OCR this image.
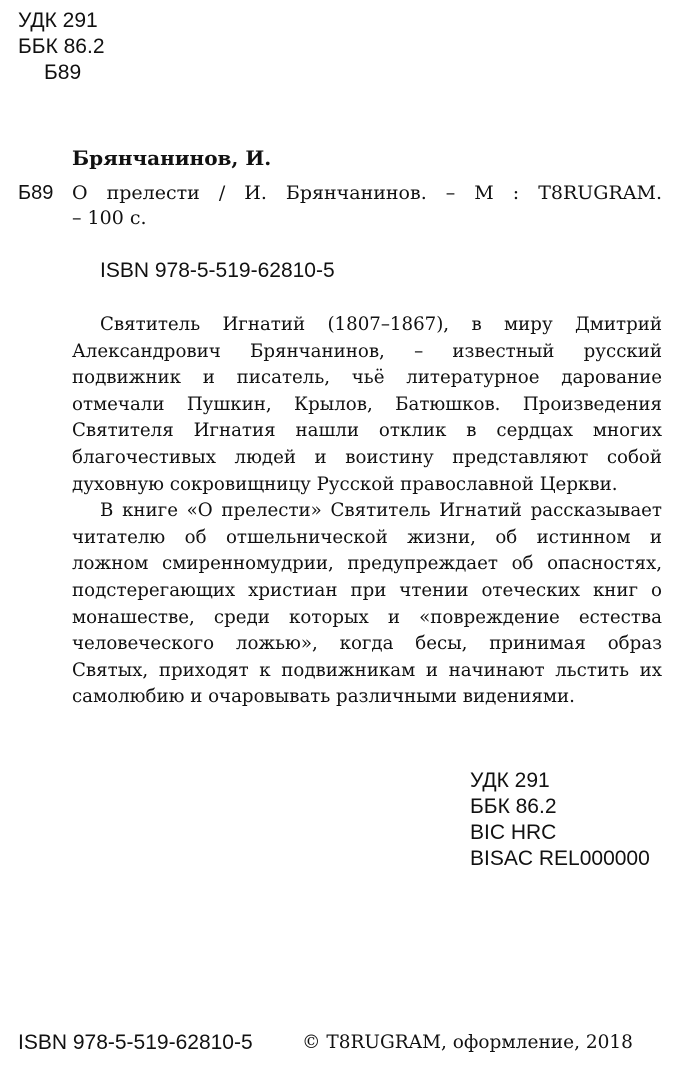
УДК 291
ББК 86.2
Б89
Брянчанинов, И.
Б89 О прелести / И. Брянчанинов. – М : T8RUGRAM.
– 100 с.
ISBN 978-5-519-62810-5

Святитель Игнатий (1807–1867), в миру Дмитрий Александрович Брянчанинов, – известный русский подвижник и писатель, чьё литературное дарование отмечали Пушкин, Крылов, Батюшков. Произведения Святителя Игнатия нашли отклик в сердцах многих благочестивых людей и воистину представляют собой духовную сокровищницу Русской православной Церкви.

В книге «О прелести» Святитель Игнатий рассказывает читателю об отшельнической жизни, об истинном и ложном смиренномудрии, предупреждает об опасностях, подстерегающих христиан при чтении отеческих книг о монашестве, среди которых и «повреждение естества человеческого ложью», когда бесы, принимая образ Святых, приходят к подвижникам и начинают льстить их самолюбию и очаровывать различными видениями.

УДК 291
ББК 86.2
BIC HRC
BISAC REL000000
ISBN 978-5-519-62810-5	© T8RUGRAM, оформление, 2018
